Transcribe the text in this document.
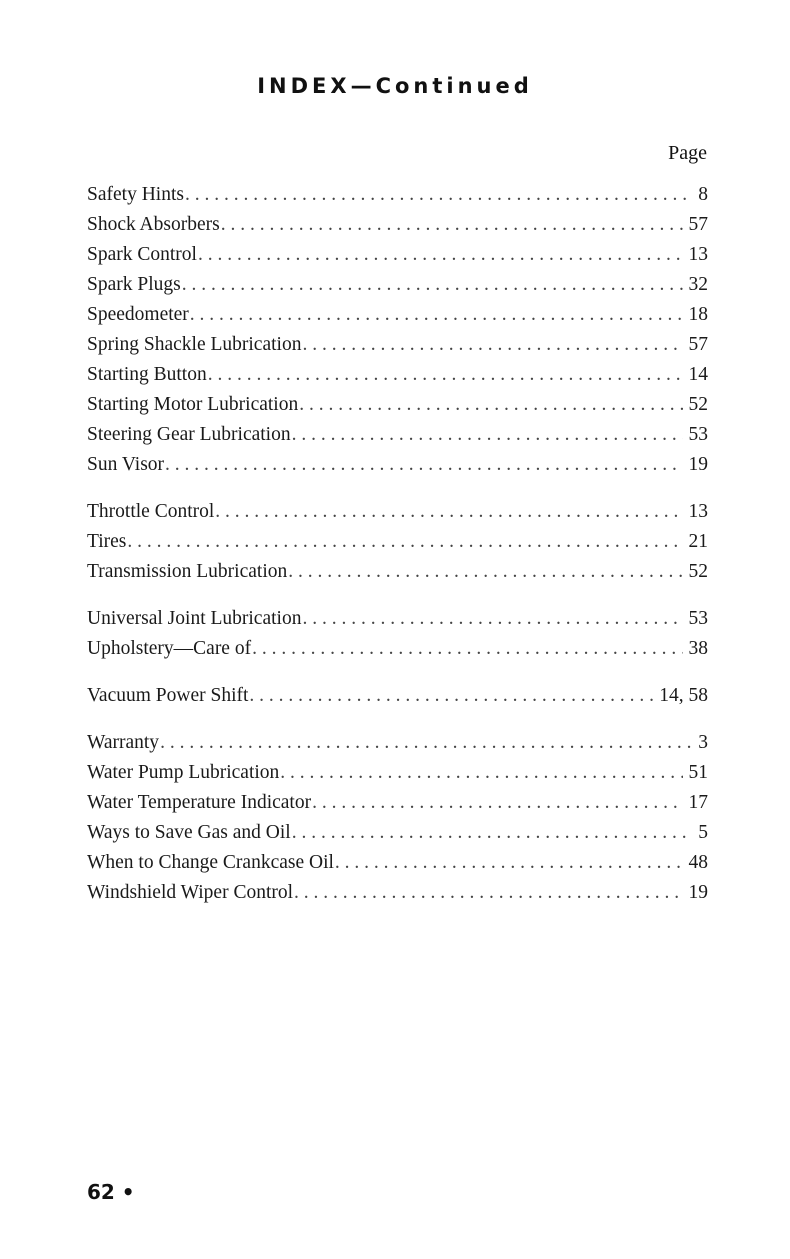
INDEX—Continued
Page
Safety Hints . . .	8
Shock Absorbers . . .	57
Spark Control . . .	13
Spark Plugs . . .	32
Speedometer . . .	18
Spring Shackle Lubrication . . .	57
Starting Button . . .	14
Starting Motor Lubrication . . .	52
Steering Gear Lubrication . . .	53
Sun Visor . . .	19
Throttle Control . . .	13
Tires . . .	21
Transmission Lubrication . . .	52
Universal Joint Lubrication . . .	53
Upholstery—Care of . . .	38
Vacuum Power Shift . . .	14, 58
Warranty . . .	3
Water Pump Lubrication . . .	51
Water Temperature Indicator . . .	17
Ways to Save Gas and Oil . . .	5
When to Change Crankcase Oil . . .	48
Windshield Wiper Control . . .	19
62 •
